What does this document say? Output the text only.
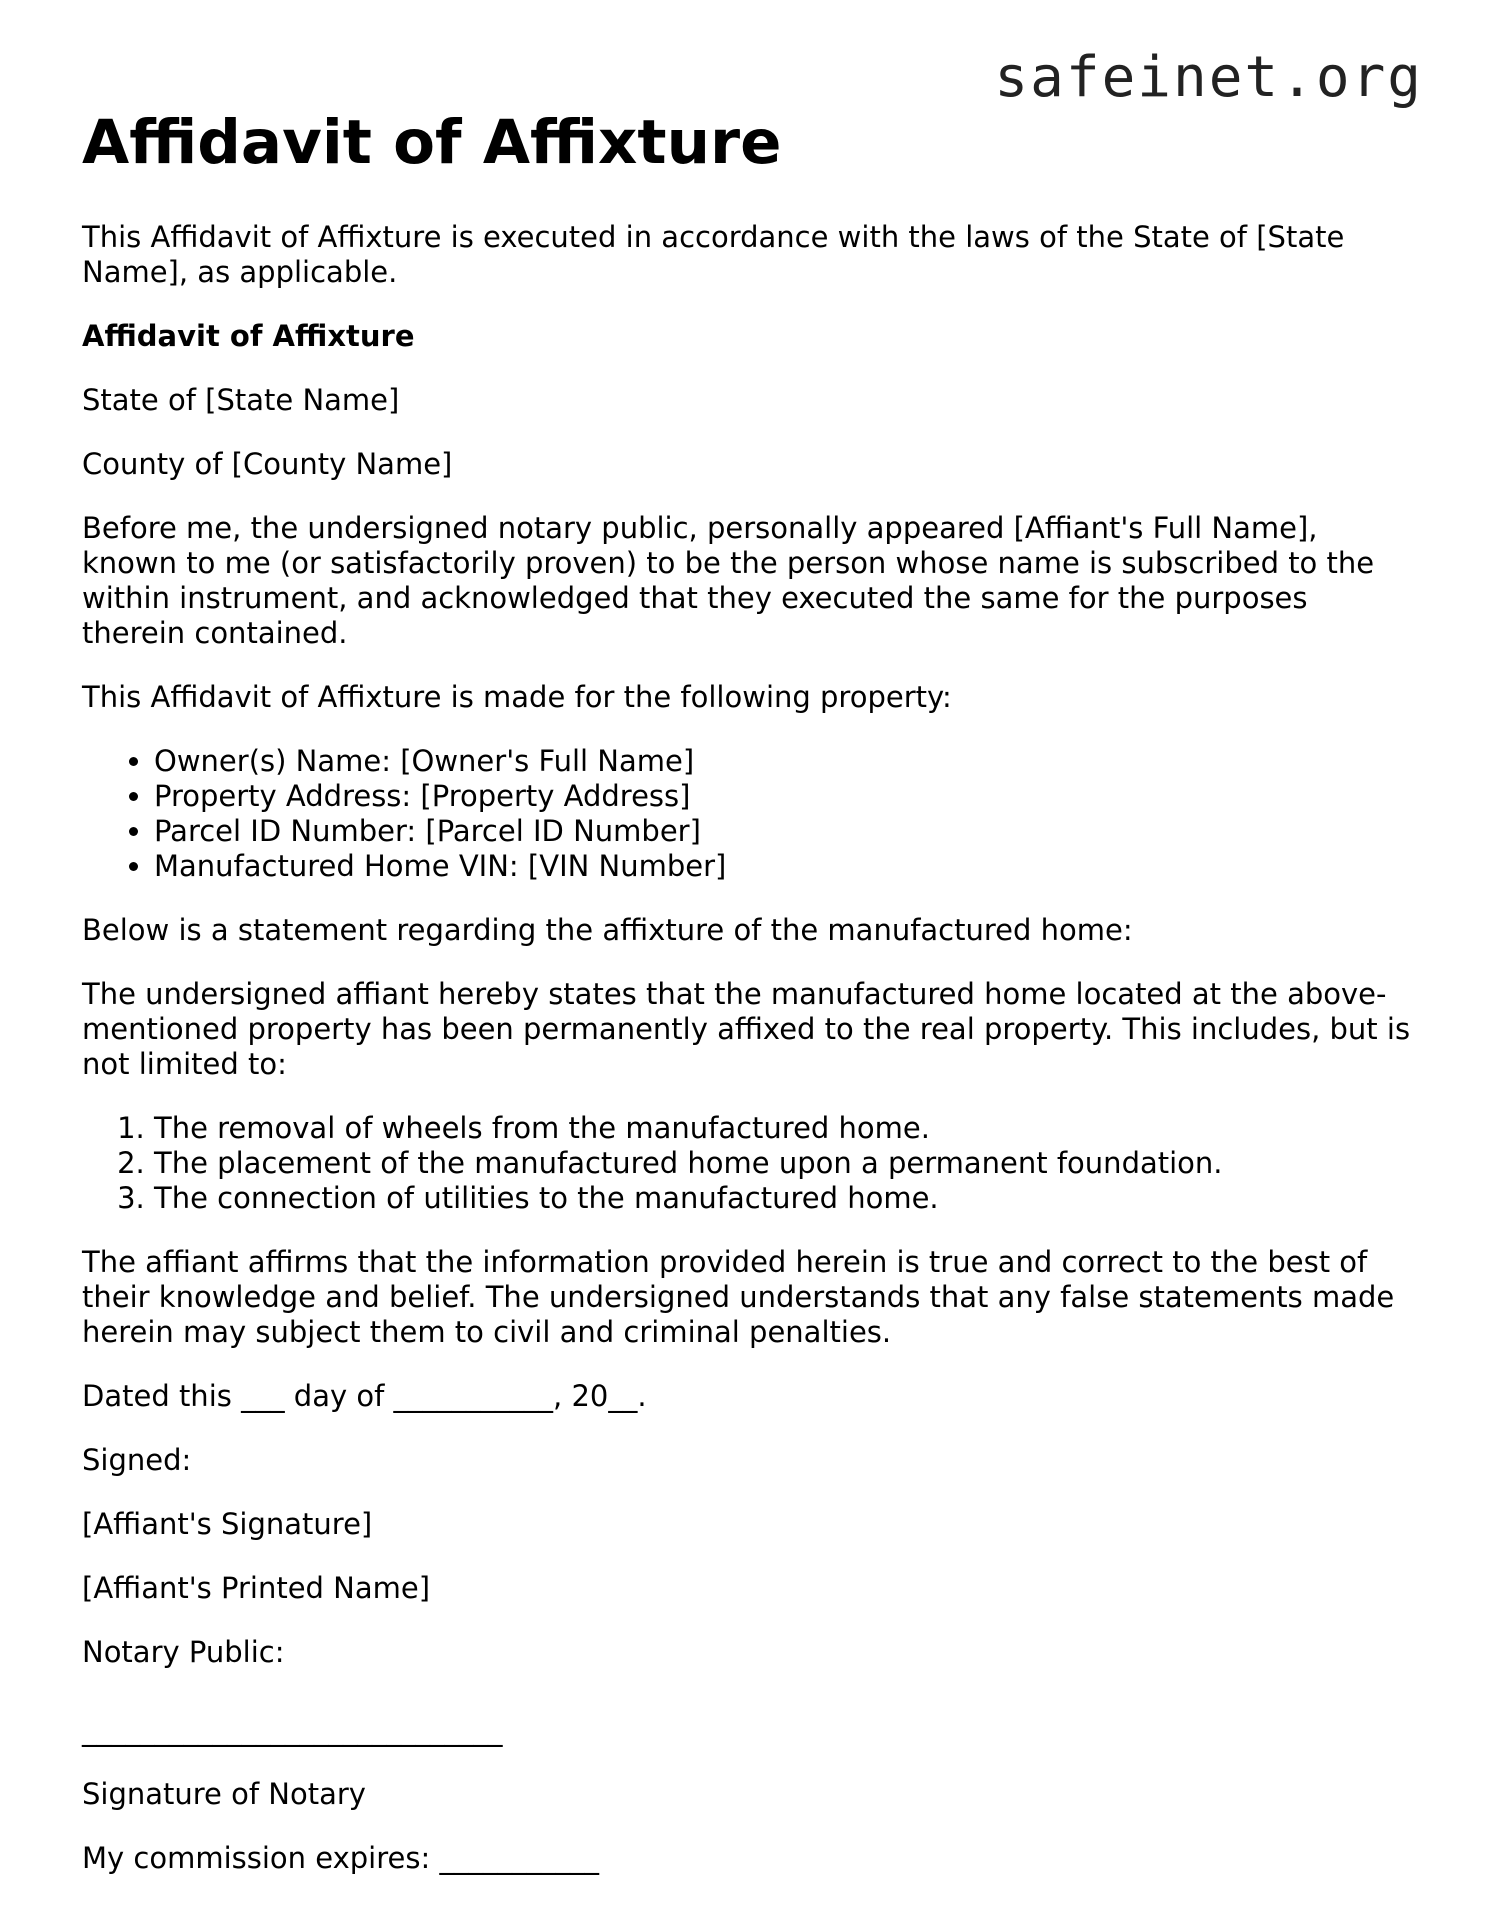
safeinet.org
Affidavit of Affixture

This Affidavit of Affixture is executed in accordance with the laws of the State of [State Name], as applicable.

Affidavit of Affixture

State of [State Name]

County of [County Name]

Before me, the undersigned notary public, personally appeared [Affiant's Full Name], known to me (or satisfactorily proven) to be the person whose name is subscribed to the within instrument, and acknowledged that they executed the same for the purposes therein contained.

This Affidavit of Affixture is made for the following property:

• Owner(s) Name: [Owner's Full Name]
• Property Address: [Property Address]
• Parcel ID Number: [Parcel ID Number]
• Manufactured Home VIN: [VIN Number]

Below is a statement regarding the affixture of the manufactured home:

The undersigned affiant hereby states that the manufactured home located at the above-mentioned property has been permanently affixed to the real property. This includes, but is not limited to:

1. The removal of wheels from the manufactured home.
2. The placement of the manufactured home upon a permanent foundation.
3. The connection of utilities to the manufactured home.

The affiant affirms that the information provided herein is true and correct to the best of their knowledge and belief. The undersigned understands that any false statements made herein may subject them to civil and criminal penalties.

Dated this ___ day of ___________, 20__.

Signed:

[Affiant's Signature]

[Affiant's Printed Name]

Notary Public:

_____________________________

Signature of Notary

My commission expires: ___________
